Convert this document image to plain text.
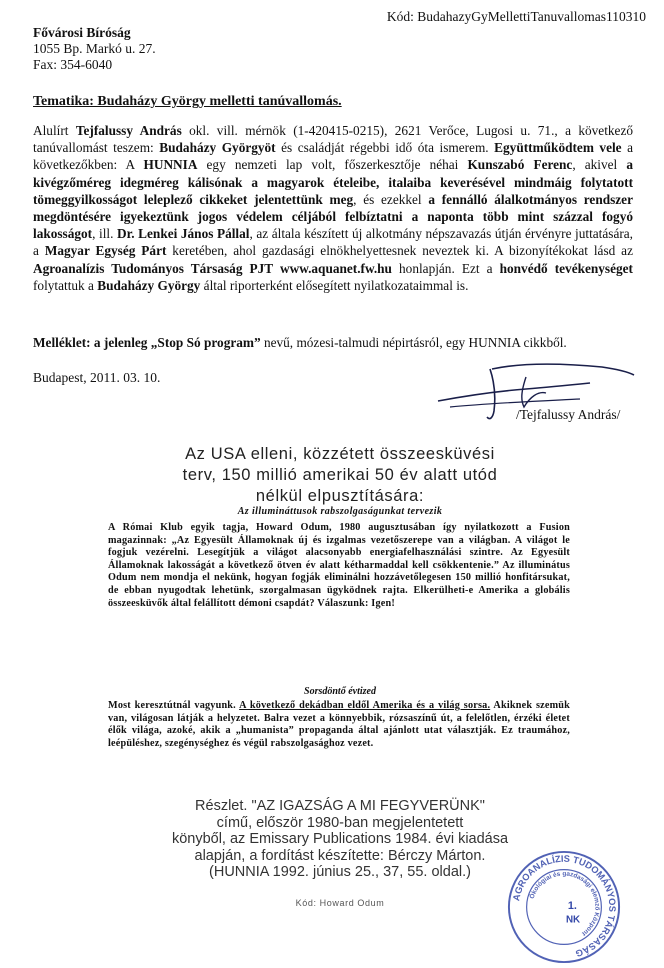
Kód: BudahazyGyMellettiTanuvallomas110310
Fővárosi Bíróság
1055 Bp. Markó u. 27.
Fax: 354-6040
Tematika: Budaházy György melletti tanúvallomás.
Alulírt Tejfalussy András okl. vill. mérnök (1-420415-0215), 2621 Verőce, Lugosi u. 71., a következő tanúvallomást teszem: Budaházy Györgyöt és családját régebbi idő óta ismerem. Együttműködtem vele a következőkben: A HUNNIA egy nemzeti lap volt, főszerkesztője néhai Kunszabó Ferenc, akivel a kivégzőméreg idegméreg kálisónak a magyarok ételeibe, italaiba keverésével mindmáig folytatott tömeggyilkosságot leleplező cikkeket jelentettünk meg, és ezekkel a fennálló álalkotmányos rendszer megdöntésére igyekeztünk jogos védelem céljából felbíztatni a naponta több mint százzal fogyó lakosságot, ill. Dr. Lenkei János Pállal, az általa készített új alkotmány népszavazás útján érvényre juttatására, a Magyar Egység Párt keretében, ahol gazdasági elnökhelyettesnek neveztek ki. A bizonyítékokat lásd az Agroanalízis Tudományos Társaság PJT www.aquanet.fw.hu honlapján. Ezt a honvédő tevékenységet folytattuk a Budaházy György által riporterként elősegített nyilatkozataimmal is.
Melléklet: a jelenleg „Stop Só program” nevű, mózesi-talmudi népirtásról, egy HUNNIA cikkből.
Budapest, 2011. 03. 10.
/Tejfalussy András/
Az USA elleni, közzétett összeesküvési
terv, 150 millió amerikai 50 év alatt utód
nélkül elpusztítására:
Az illumináttusok rabszolgaságunkat tervezik
A Római Klub egyik tagja, Howard Odum, 1980 augusztusában így nyilatkozott a Fusion magazinnak: „Az Egyesült Államoknak új és izgalmas vezetőszerepe van a világban. A világot le fogjuk vezérelni. Lesegítjük a világot alacsonyabb energiafelhasználási szintre. Az Egyesült Államoknak lakosságát a következő ötven év alatt kétharmaddal kell csökkentenie.” Az illuminátus Odum nem mondja el nekünk, hogyan fogják eliminálni hozzávetőlegesen 150 millió honfitársukat, de ebban nyugodtak lehetünk, szorgalmasan ügyködnek rajta. Elkerülheti-e Amerika a globális összeesküvők által felállított démoni csapdát? Válaszunk: Igen!
Sorsdöntő évtized
Most keresztútnál vagyunk. A következő dekádban eldől Amerika és a világ sorsa. Akiknek szemük van, világosan látják a helyzetet. Balra vezet a könnyebbik, rózsaszínű út, a felelőtlen, érzéki életet élők világa, azoké, akik a „humanista” propaganda által ajánlott utat választják. Ez traumához, leépüléshez, szegénységhez és végül rabszolgasághoz vezet.
Részlet. "AZ IGAZSÁG A MI FEGYVERÜNK"
című, először 1980-ban megjelentetett
könyből, az Emissary Publications 1984. évi kiadása
alapján, a fordítást készítette: Bérczy Márton.
(HUNNIA 1992. június 25., 37, 55. oldal.)
Kód: Howard Odum
AGROANALÍZIS TUDOMÁNYOS TÁRSASÁG
Ökológiai és gazdasági elemző Központ
1.
NK
